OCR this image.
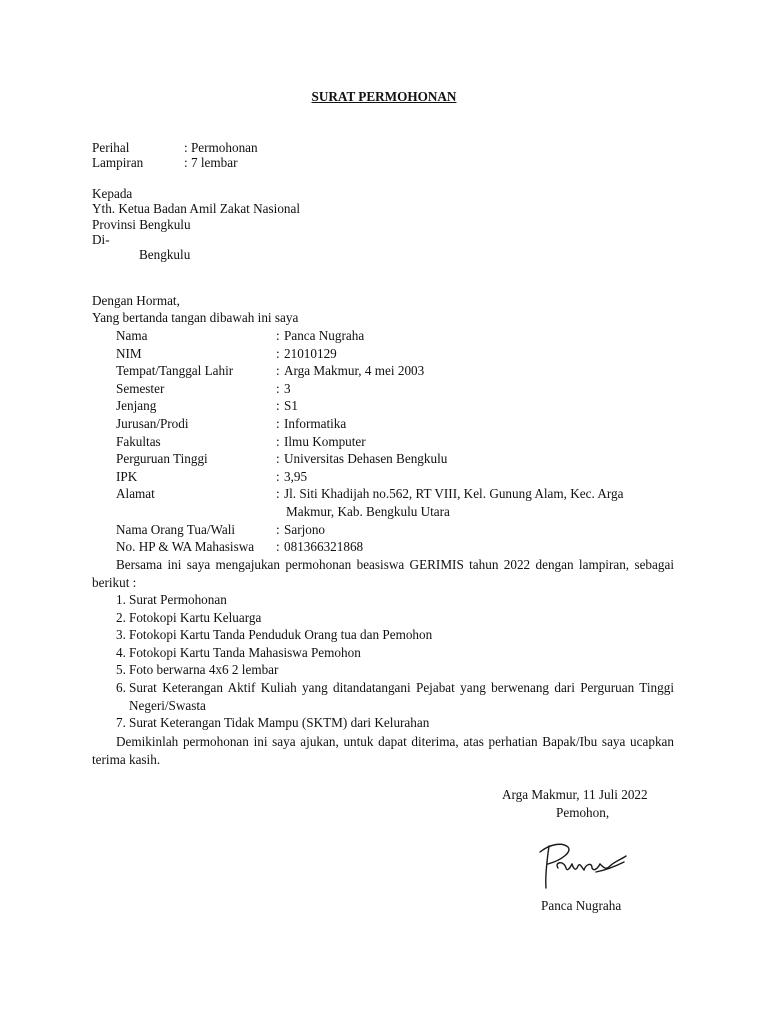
SURAT PERMOHONAN
Perihal	: Permohonan
Lampiran	: 7 lembar
Kepada
Yth. Ketua Badan Amil Zakat Nasional
Provinsi Bengkulu
Di-
Bengkulu
Dengan Hormat,
Yang bertanda tangan dibawah ini saya
Nama	: Panca Nugraha
NIM	: 21010129
Tempat/Tanggal Lahir	: Arga Makmur, 4 mei 2003
Semester	: 3
Jenjang	: S1
Jurusan/Prodi	: Informatika
Fakultas	: Ilmu Komputer
Perguruan Tinggi	: Universitas Dehasen Bengkulu
IPK	: 3,95
Alamat	: Jl. Siti Khadijah no.562, RT VIII, Kel. Gunung Alam, Kec. Arga
Makmur, Kab. Bengkulu Utara
Nama Orang Tua/Wali	: Sarjono
No. HP & WA Mahasiswa	: 081366321868
Bersama ini saya mengajukan permohonan beasiswa GERIMIS tahun 2022 dengan lampiran, sebagai berikut :
1. Surat Permohonan
2. Fotokopi Kartu Keluarga
3. Fotokopi Kartu Tanda Penduduk Orang tua dan Pemohon
4. Fotokopi Kartu Tanda Mahasiswa Pemohon
5. Foto berwarna 4x6 2 lembar
6. Surat Keterangan Aktif Kuliah yang ditandatangani Pejabat yang berwenang dari Perguruan Tinggi Negeri/Swasta
7. Surat Keterangan Tidak Mampu (SKTM) dari Kelurahan
Demikinlah permohonan ini saya ajukan, untuk dapat diterima, atas perhatian Bapak/Ibu saya ucapkan terima kasih.
Arga Makmur, 11 Juli 2022
Pemohon,
Panca Nugraha
